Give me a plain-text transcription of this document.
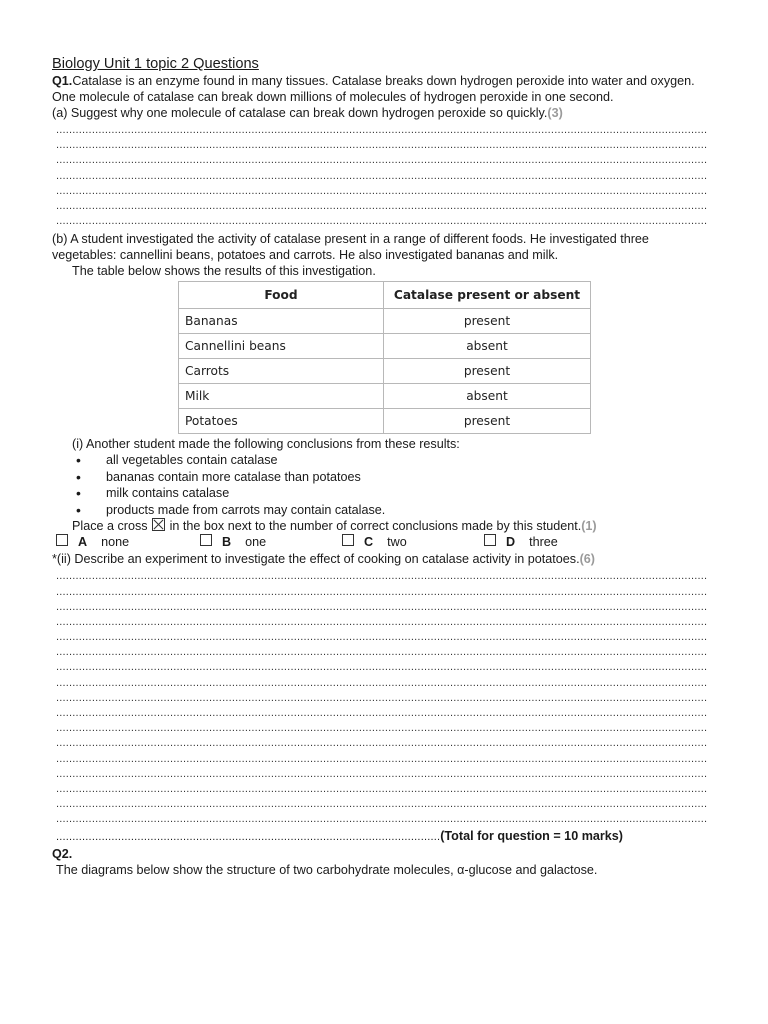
Biology Unit 1 topic 2 Questions

Q1.Catalase is an enzyme found in many tissues. Catalase breaks down hydrogen peroxide into water and oxygen.

One molecule of catalase can break down millions of molecules of hydrogen peroxide in one second.

(a) Suggest why one molecule of catalase can break down hydrogen peroxide so quickly.(3)

........................................................................................................................................................................................................
........................................................................................................................................................................................................
........................................................................................................................................................................................................
........................................................................................................................................................................................................
........................................................................................................................................................................................................
........................................................................................................................................................................................................
........................................................................................................................................................................................................

(b) A student investigated the activity of catalase present in a range of different foods. He investigated three vegetables: cannellini beans, potatoes and carrots. He also investigated bananas and milk.

The table below shows the results of this investigation.

Food	Catalase present or absent
Bananas	present
Cannellini beans	absent
Carrots	present
Milk	absent
Potatoes	present

(i) Another student made the following conclusions from these results:

• all vegetables contain catalase
• bananas contain more catalase than potatoes
• milk contains catalase
• products made from carrots may contain catalase.

Place a cross ☒ in the box next to the number of correct conclusions made by this student.(1)

A none	B one	C two	D three

*(ii) Describe an experiment to investigate the effect of cooking on catalase activity in potatoes.(6)

........................................................................................................................................................................................................
........................................................................................................................................................................................................
........................................................................................................................................................................................................
........................................................................................................................................................................................................
........................................................................................................................................................................................................
........................................................................................................................................................................................................
........................................................................................................................................................................................................
........................................................................................................................................................................................................
........................................................................................................................................................................................................
........................................................................................................................................................................................................
........................................................................................................................................................................................................
........................................................................................................................................................................................................
........................................................................................................................................................................................................
........................................................................................................................................................................................................
........................................................................................................................................................................................................
........................................................................................................................................................................................................
........................................................................................................................................................................................................
......................................................................................................................(Total for question = 10 marks)

Q2.

The diagrams below show the structure of two carbohydrate molecules, α-glucose and galactose.
